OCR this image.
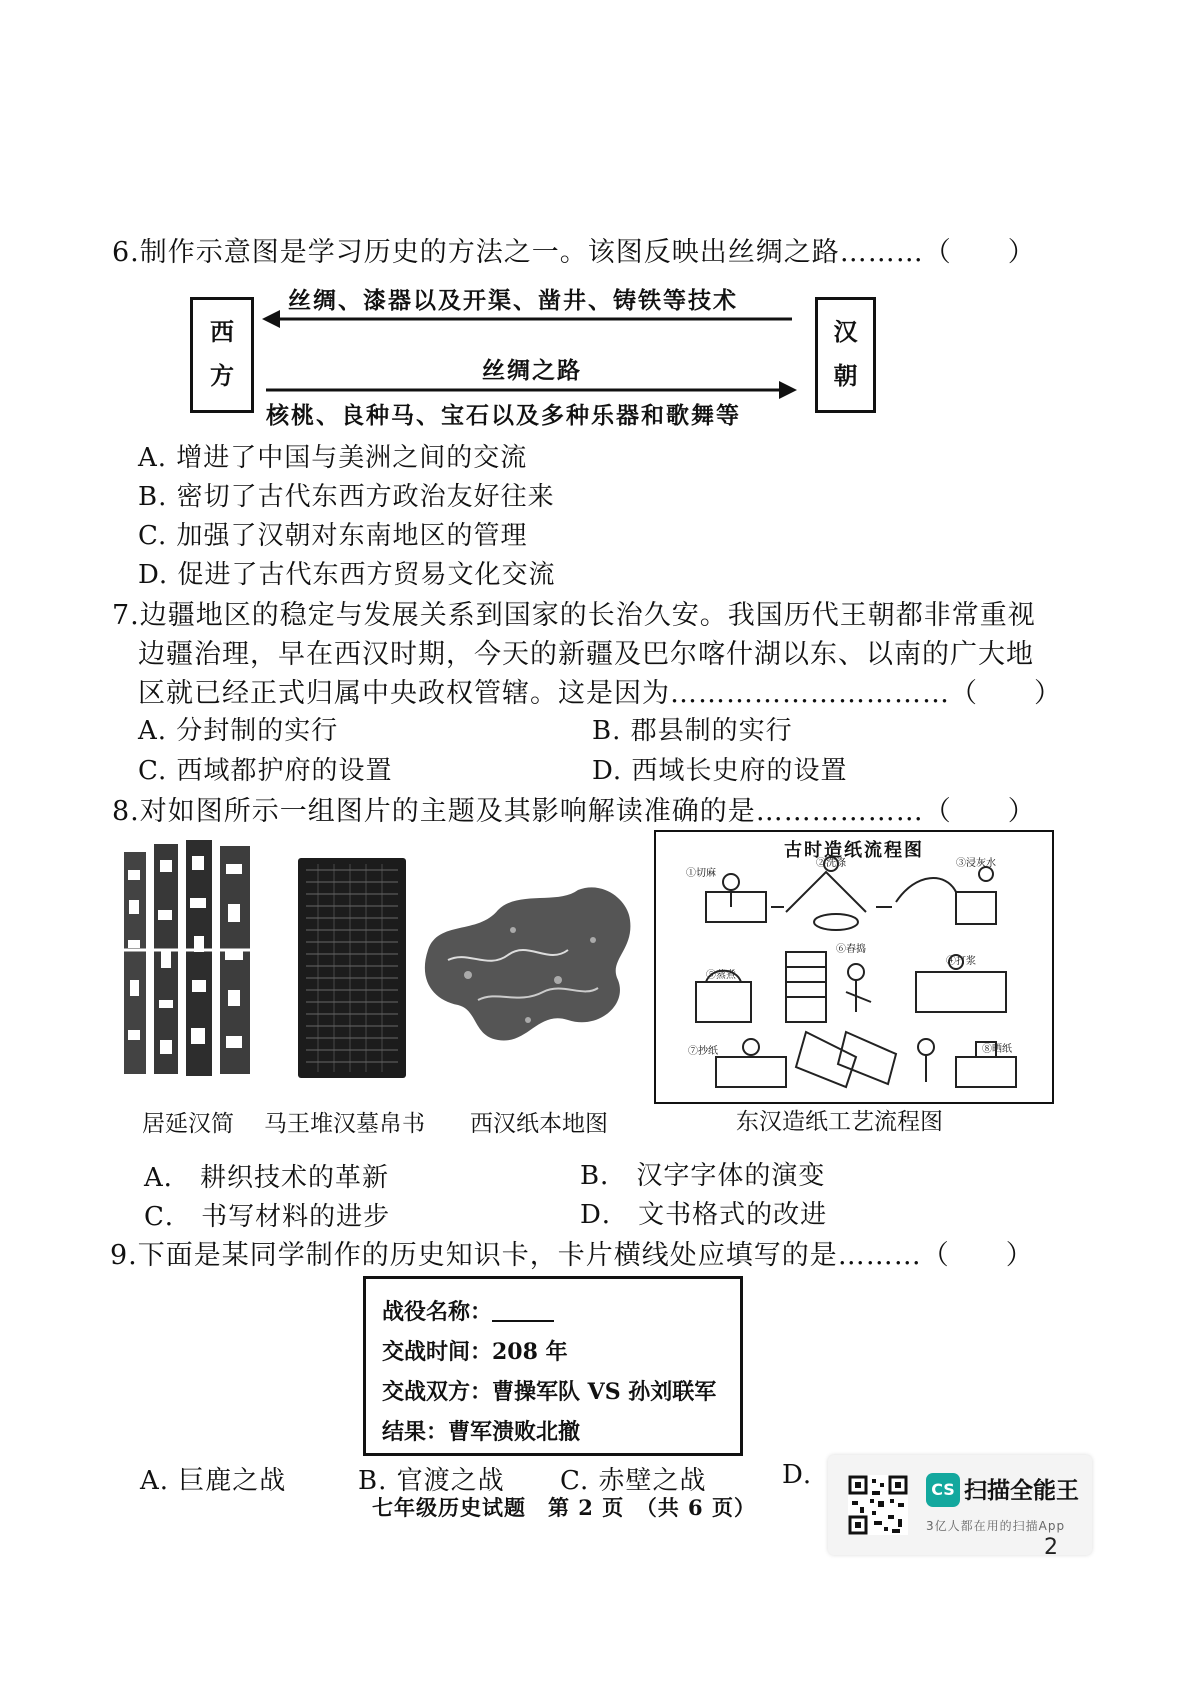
6.制作示意图是学习历史的方法之一。该图反映出丝绸之路………（　　）
西
方
汉
朝
丝绸、漆器以及开渠、凿井、铸铁等技术
丝绸之路
核桃、良种马、宝石以及多种乐器和歌舞等
A. 增进了中国与美洲之间的交流
B. 密切了古代东西方政治友好往来
C. 加强了汉朝对东南地区的管理
D. 促进了古代东西方贸易文化交流
7.边疆地区的稳定与发展关系到国家的长治久安。我国历代王朝都非常重视
边疆治理，早在西汉时期，今天的新疆及巴尔喀什湖以东、以南的广大地
区就已经正式归属中央政权管辖。这是因为…………………………（　　）
A. 分封制的实行	B. 郡县制的实行
C. 西域都护府的设置	D. 西域长史府的设置
8.对如图所示一组图片的主题及其影响解读准确的是………………（　　）
古时造纸流程图
①切麻
②洗涤	③浸灰水
④打浆
⑤蒸煮
⑥舂捣
⑦抄纸	⑧晒纸
居延汉简 马王堆汉墓帛书 西汉纸本地图	东汉造纸工艺流程图
A． 耕织技术的革新	B． 汉字字体的演变
C． 书写材料的进步	D． 文书格式的改进
9.下面是某同学制作的历史知识卡，卡片横线处应填写的是………（　　）
战役名称：
交战时间：208 年
交战双方：曹操军队 VS 孙刘联军
结果：曹军溃败北撤
A. 巨鹿之战	B. 官渡之战 C. 赤壁之战	D.
七年级历史试题　第 2 页　（共 6 页）
CS 扫描全能王
3亿人都在用的扫描App
2
